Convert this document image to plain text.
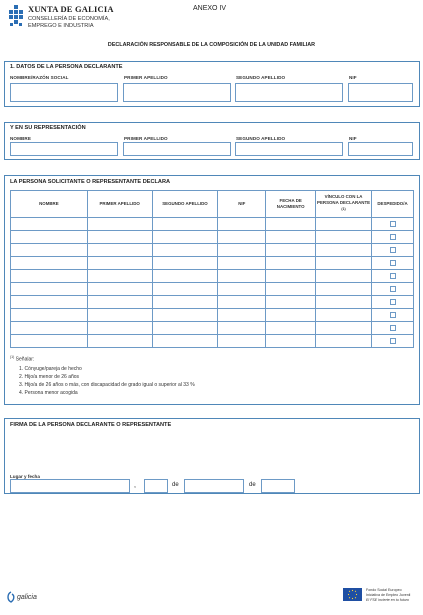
XUNTA DE GALICIA
CONSELLERÍA DE ECONOMÍA,
EMPREGO E INDUSTRIA
ANEXO IV
DECLARACIÓN RESPONSABLE DE LA COMPOSICIÓN DE LA UNIDAD FAMILIAR
1. DATOS DE LA PERSONA DECLARANTE
NOMBRE/RAZÓN SOCIAL	PRIMER APELLIDO	SEGUNDO APELLIDO	NIF
Y EN SU REPRESENTACIÓN
NOMBRE	PRIMER APELLIDO	SEGUNDO APELLIDO	NIF
LA PERSONA SOLICITANTE O REPRESENTANTE DECLARA
NOMBRE	PRIMER APELLIDO	SEGUNDO APELLIDO	NIF	FECHA DE NACIMIENTO	VÍNCULO CON LA PERSONA DECLARANTE $^{(1)}$	DESPEDIDO/A

$^{(1)}$ Señalar:
1. Cónyuge/pareja de hecho
2. Hijo/a menor de 26 años
3. Hijo/a de 26 años o más, con discapacidad de grado igual o superior al 33 %
4. Persona menor acogida
FIRMA DE LA PERSONA DECLARANTE O REPRESENTANTE
Lugar y fecha
,	de	de
galicia
Fondo Social Europeo
Iniciativa de Empleo Juvenil
El FSE invierte en tu futuro
